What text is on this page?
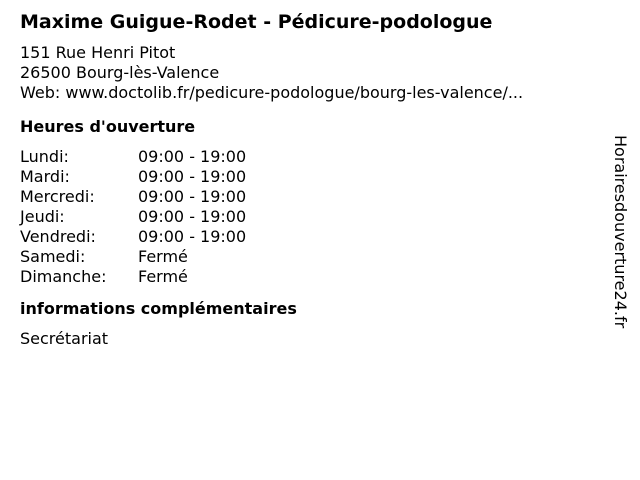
Maxime Guigue-Rodet - Pédicure-podologue
151 Rue Henri Pitot
26500 Bourg-lès-Valence
Web: www.doctolib.fr/pedicure-podologue/bourg-les-valence/...
Heures d'ouverture
Lundi:	09:00 - 19:00
Mardi:	09:00 - 19:00
Mercredi:	09:00 - 19:00
Jeudi:	09:00 - 19:00
Vendredi:	09:00 - 19:00
Samedi:	Fermé
Dimanche:	Fermé
informations complémentaires
Secrétariat
Horairesdouverture24.fr
